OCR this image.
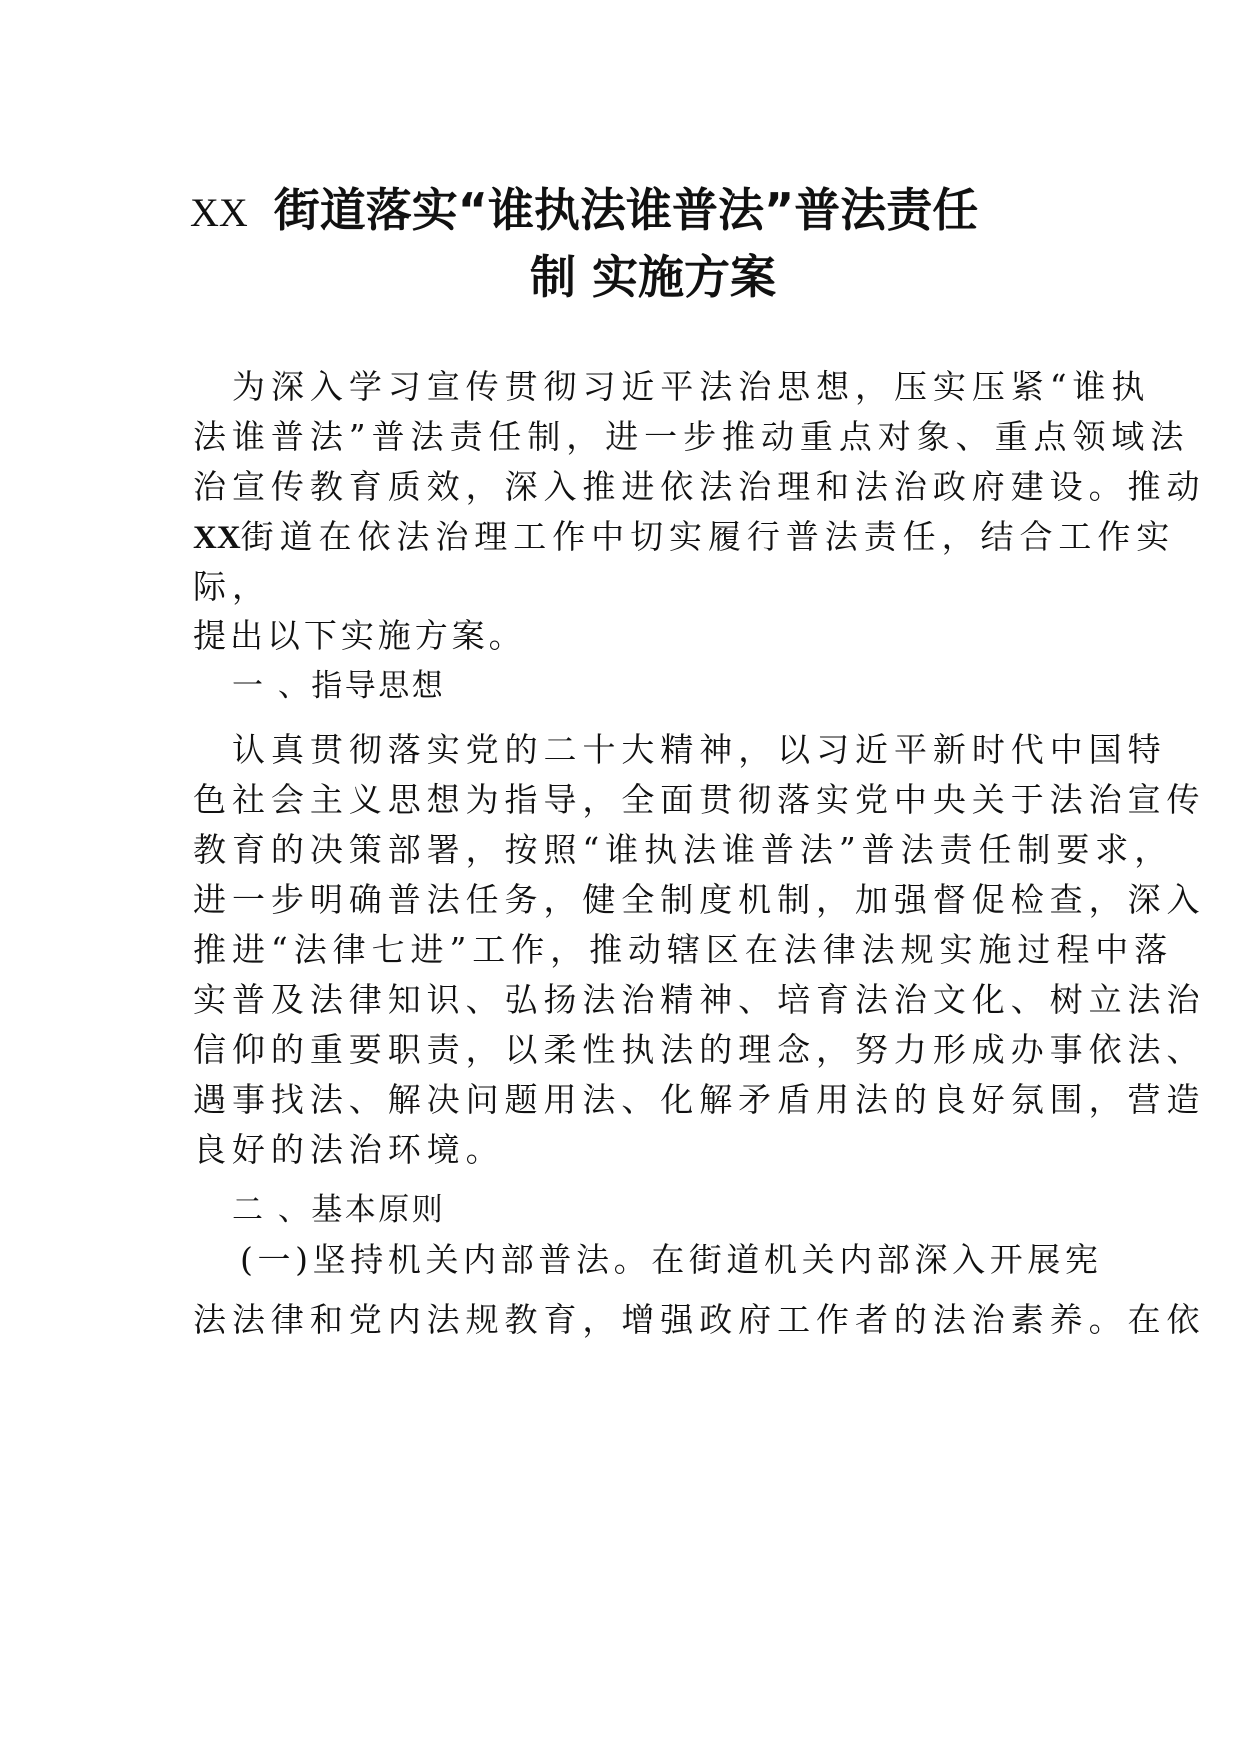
XX 街道落实“谁执法谁普法”普法责任
制 实施方案
为深入学习宣传贯彻习近平法治思想，压实压紧“谁执
法谁普法”普法责任制，进一步推动重点对象、重点领域法
治宣传教育质效，深入推进依法治理和法治政府建设。推动
XX街道在依法治理工作中切实履行普法责任，结合工作实
际，
提出以下实施方案。
一 、指导思想
认真贯彻落实党的二十大精神，以习近平新时代中国特
色社会主义思想为指导，全面贯彻落实党中央关于法治宣传
教育的决策部署，按照“谁执法谁普法”普法责任制要求，
进一步明确普法任务，健全制度机制，加强督促检查，深入
推进“法律七进”工作，推动辖区在法律法规实施过程中落
实普及法律知识、弘扬法治精神、培育法治文化、树立法治
信仰的重要职责，以柔性执法的理念，努力形成办事依法、
遇事找法、解决问题用法、化解矛盾用法的良好氛围，营造
良好的法治环境。
二 、基本原则
(一)坚持机关内部普法。在街道机关内部深入开展宪
法法律和党内法规教育，增强政府工作者的法治素养。在依
